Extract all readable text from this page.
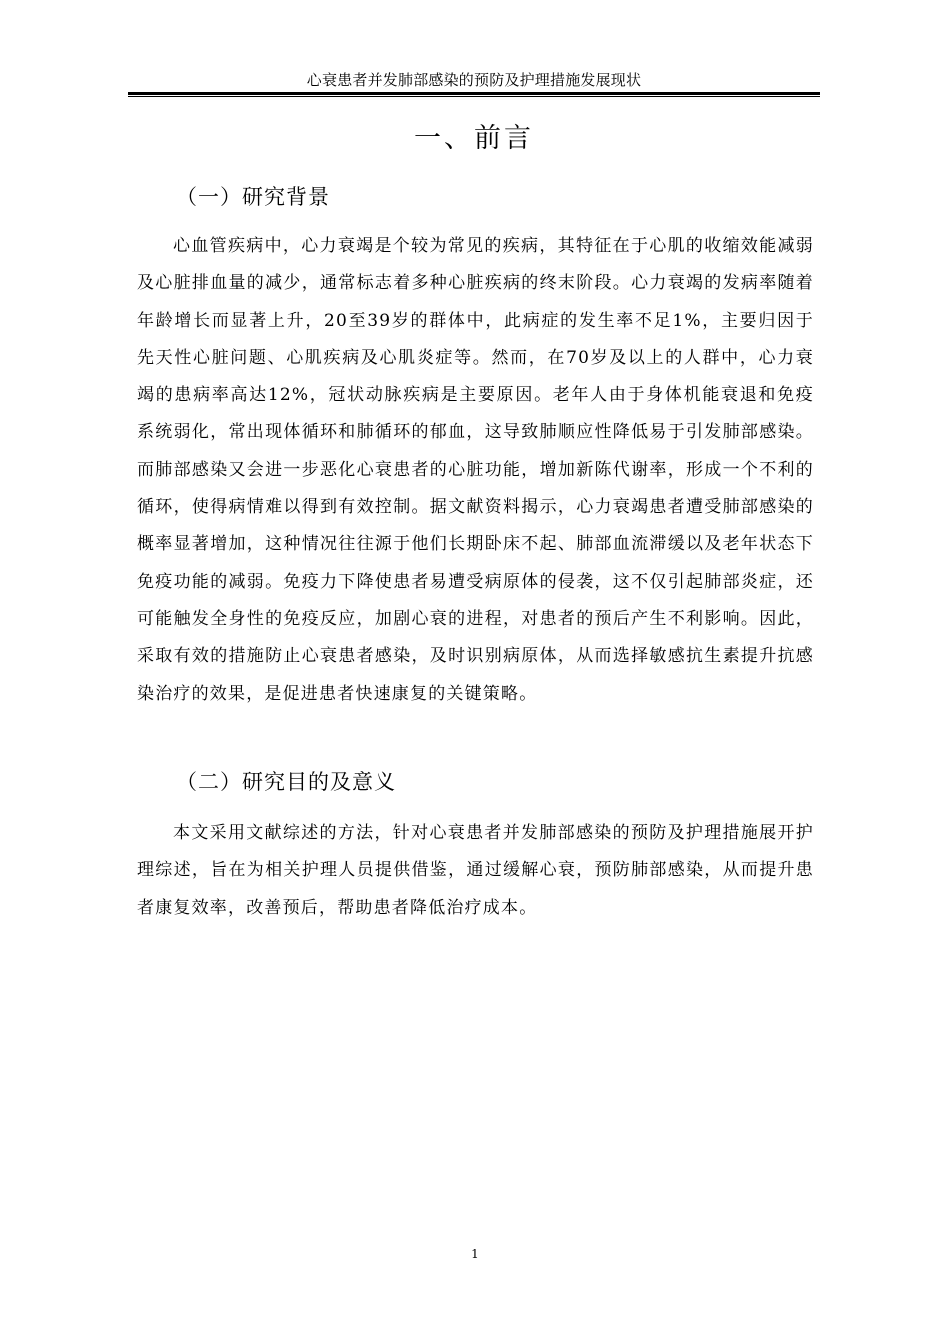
心衰患者并发肺部感染的预防及护理措施发展现状
一、前言
（一）研究背景

心血管疾病中，心力衰竭是个较为常见的疾病，其特征在于心肌的收缩效能减弱及心脏排血量的减少，通常标志着多种心脏疾病的终末阶段。心力衰竭的发病率随着年龄增长而显著上升，20至39岁的群体中，此病症的发生率不足1%，主要归因于先天性心脏问题、心肌疾病及心肌炎症等。然而，在70岁及以上的人群中，心力衰竭的患病率高达12%，冠状动脉疾病是主要原因。老年人由于身体机能衰退和免疫系统弱化，常出现体循环和肺循环的郁血，这导致肺顺应性降低易于引发肺部感染。而肺部感染又会进一步恶化心衰患者的心脏功能，增加新陈代谢率，形成一个不利的循环，使得病情难以得到有效控制。据文献资料揭示，心力衰竭患者遭受肺部感染的概率显著增加，这种情况往往源于他们长期卧床不起、肺部血流滞缓以及老年状态下免疫功能的减弱。免疫力下降使患者易遭受病原体的侵袭，这不仅引起肺部炎症，还可能触发全身性的免疫反应，加剧心衰的进程，对患者的预后产生不利影响。因此，采取有效的措施防止心衰患者感染，及时识别病原体，从而选择敏感抗生素提升抗感染治疗的效果，是促进患者快速康复的关键策略。

（二）研究目的及意义

本文采用文献综述的方法，针对心衰患者并发肺部感染的预防及护理措施展开护理综述，旨在为相关护理人员提供借鉴，通过缓解心衰，预防肺部感染，从而提升患者康复效率，改善预后，帮助患者降低治疗成本。

1
